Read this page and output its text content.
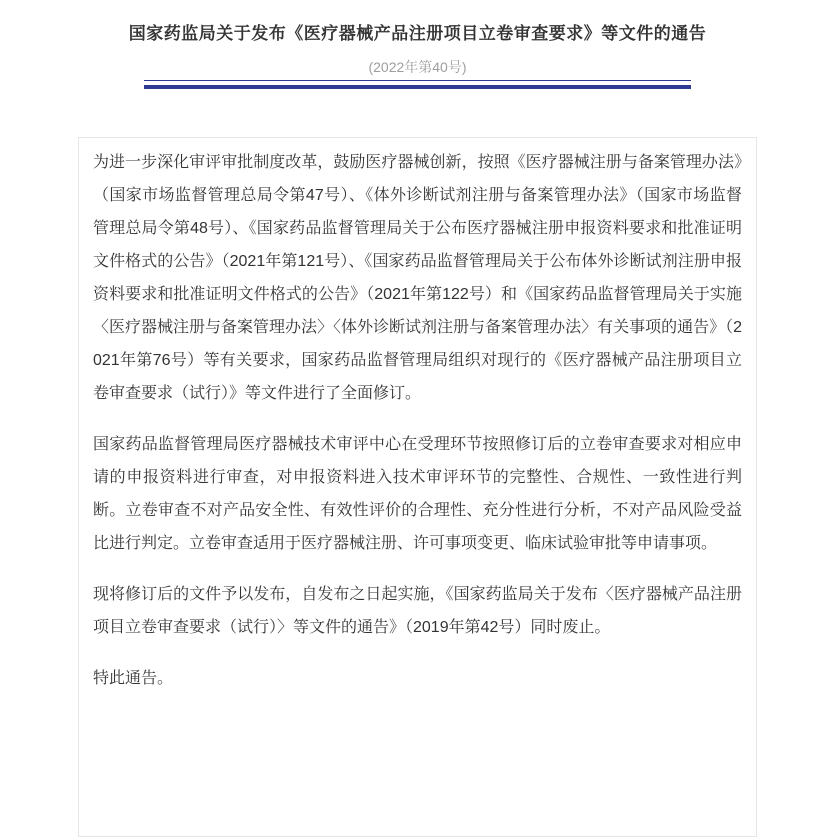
国家药监局关于发布《医疗器械产品注册项目立卷审查要求》等文件的通告

(2022年第40号)

为进一步深化审评审批制度改革，鼓励医疗器械创新，按照《医疗器械注册与备案管理办法》（国家市场监督管理总局令第47号）、《体外诊断试剂注册与备案管理办法》（国家市场监督管理总局令第48号）、《国家药品监督管理局关于公布医疗器械注册申报资料要求和批准证明文件格式的公告》（2021年第121号）、《国家药品监督管理局关于公布体外诊断试剂注册申报资料要求和批准证明文件格式的公告》（2021年第122号）和《国家药品监督管理局关于实施〈医疗器械注册与备案管理办法〉〈体外诊断试剂注册与备案管理办法〉有关事项的通告》（2021年第76号）等有关要求，国家药品监督管理局组织对现行的《医疗器械产品注册项目立卷审查要求（试行）》等文件进行了全面修订。

国家药品监督管理局医疗器械技术审评中心在受理环节按照修订后的立卷审查要求对相应申请的申报资料进行审查，对申报资料进入技术审评环节的完整性、合规性、一致性进行判断。立卷审查不对产品安全性、有效性评价的合理性、充分性进行分析，不对产品风险受益比进行判定。立卷审查适用于医疗器械注册、许可事项变更、临床试验审批等申请事项。

现将修订后的文件予以发布，自发布之日起实施，《国家药监局关于发布〈医疗器械产品注册项目立卷审查要求（试行）〉等文件的通告》（2019年第42号）同时废止。

特此通告。
